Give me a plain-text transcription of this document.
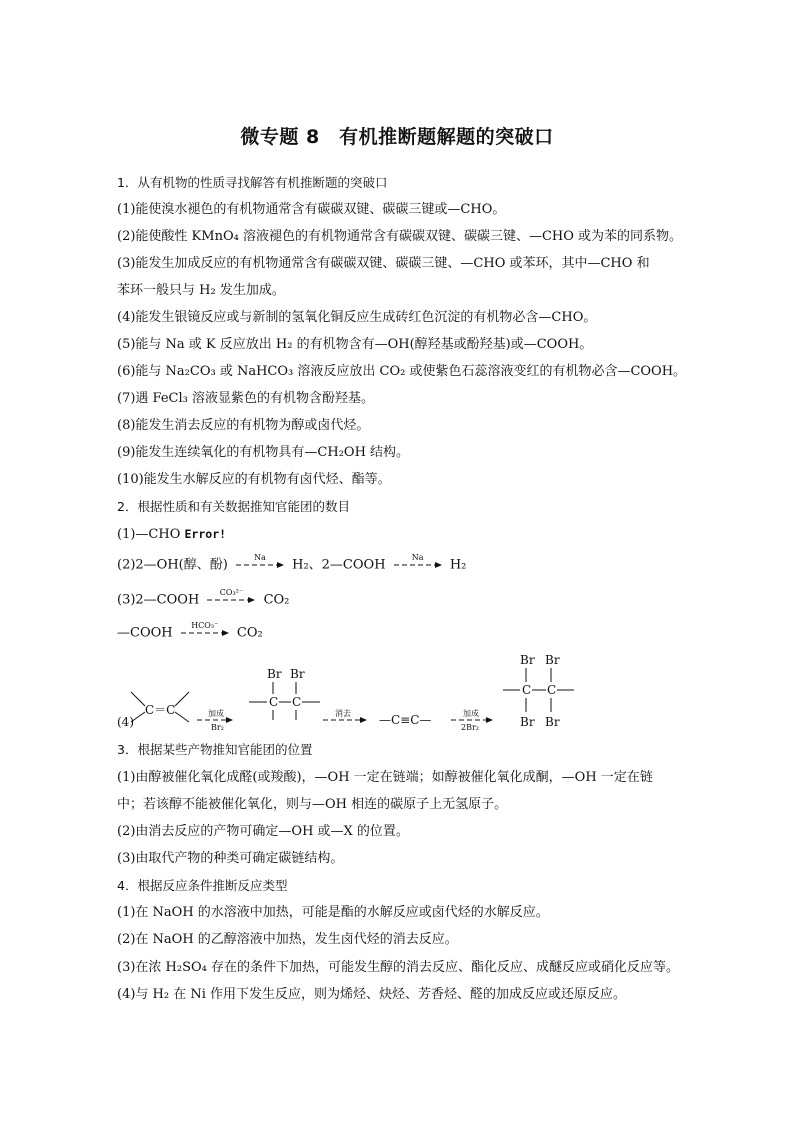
微专题 8　有机推断题解题的突破口
1．从有机物的性质寻找解答有机推断题的突破口
(1)能使溴水褪色的有机物通常含有碳碳双键、碳碳三键或—CHO。
(2)能使酸性 KMnO₄ 溶液褪色的有机物通常含有碳碳双键、碳碳三键、—CHO 或为苯的同系物。
(3)能发生加成反应的有机物通常含有碳碳双键、碳碳三键、—CHO 或苯环，其中—CHO 和
苯环一般只与 H₂ 发生加成。
(4)能发生银镜反应或与新制的氢氧化铜反应生成砖红色沉淀的有机物必含—CHO。
(5)能与 Na 或 K 反应放出 H₂ 的有机物含有—OH(醇羟基或酚羟基)或—COOH。
(6)能与 Na₂CO₃ 或 NaHCO₃ 溶液反应放出 CO₂ 或使紫色石蕊溶液变红的有机物必含—COOH。
(7)遇 FeCl₃ 溶液显紫色的有机物含酚羟基。
(8)能发生消去反应的有机物为醇或卤代烃。
(9)能发生连续氧化的有机物具有—CH₂OH 结构。
(10)能发生水解反应的有机物有卤代烃、酯等。
2．根据性质和有关数据推知官能团的数目
(1)—CHO Error!
(2)2—OH(醇、酚)	Na	H₂、2—COOH	Na	H₂
(3)2—COOH	CO₃²⁻	CO₂
—COOH	HCO₃⁻	CO₂
(4)
C＝C	加成
Br₂
Br Br
C C
消去 —C≡C—	加成
2Br₂
Br Br
C C
Br Br
3．根据某些产物推知官能团的位置
(1)由醇被催化氧化成醛(或羧酸)，—OH 一定在链端；如醇被催化氧化成酮，—OH 一定在链
中；若该醇不能被催化氧化，则与—OH 相连的碳原子上无氢原子。
(2)由消去反应的产物可确定—OH 或—X 的位置。
(3)由取代产物的种类可确定碳链结构。
4．根据反应条件推断反应类型
(1)在 NaOH 的水溶液中加热，可能是酯的水解反应或卤代烃的水解反应。
(2)在 NaOH 的乙醇溶液中加热，发生卤代烃的消去反应。
(3)在浓 H₂SO₄ 存在的条件下加热，可能发生醇的消去反应、酯化反应、成醚反应或硝化反应等。
(4)与 H₂ 在 Ni 作用下发生反应，则为烯烃、炔烃、芳香烃、醛的加成反应或还原反应。
